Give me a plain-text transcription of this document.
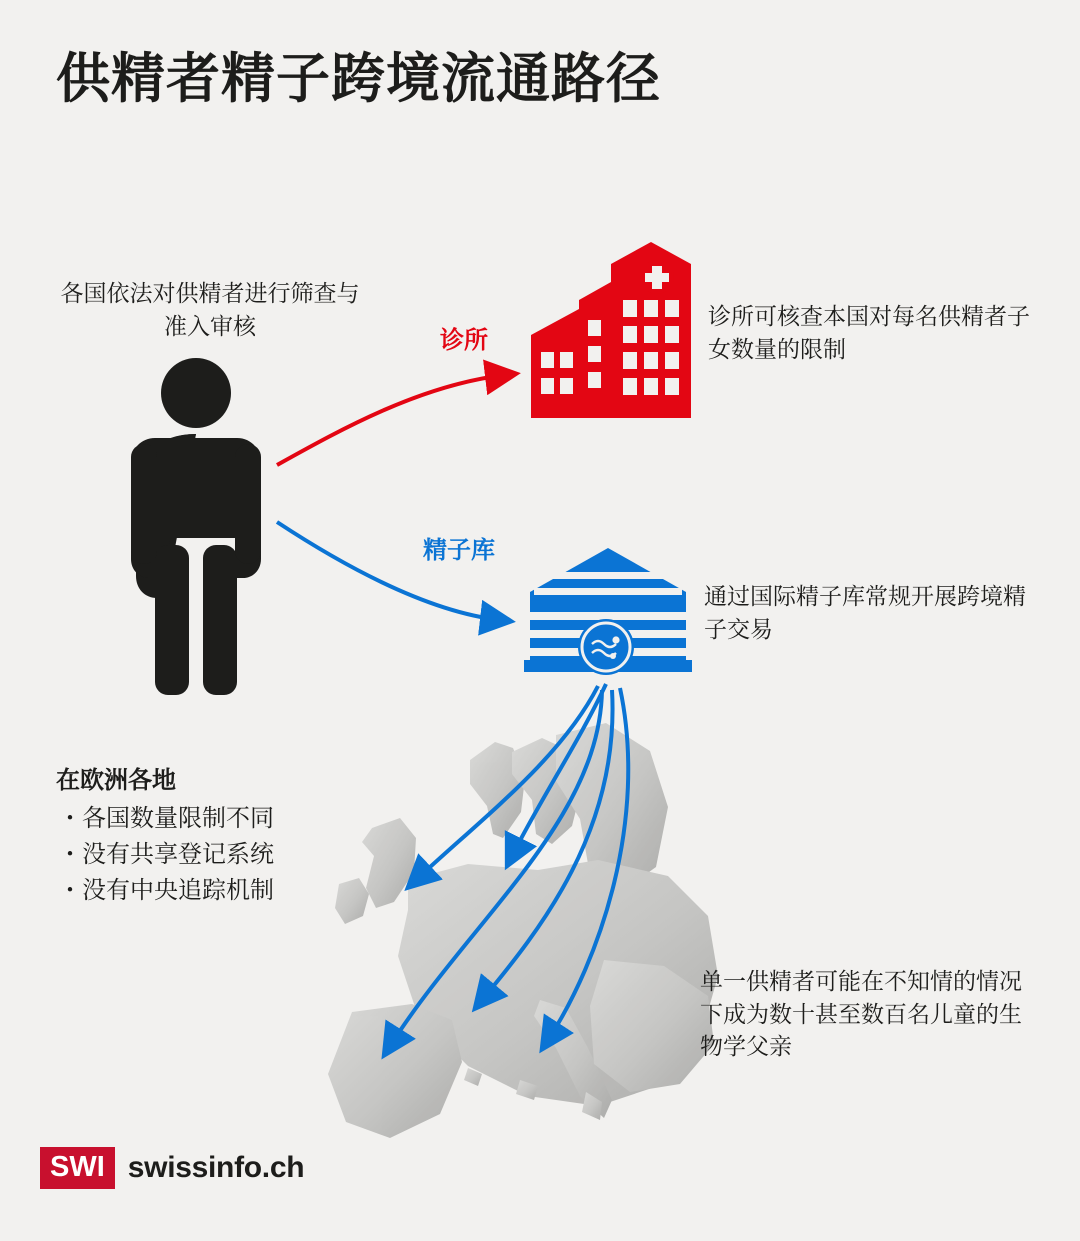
供精者精子跨境流通路径
诊所
精子库
各国依法对供精者进行筛查与准入审核	诊所可核查本国对每名供精者子女数量的限制
通过国际精子库常规开展跨境精子交易
单一供精者可能在不知情的情况下成为数十甚至数百名儿童的生物学父亲
在欧洲各地
・ 各国数量限制不同
・ 没有共享登记系统
・ 没有中央追踪机制
SWI swissinfo.ch
